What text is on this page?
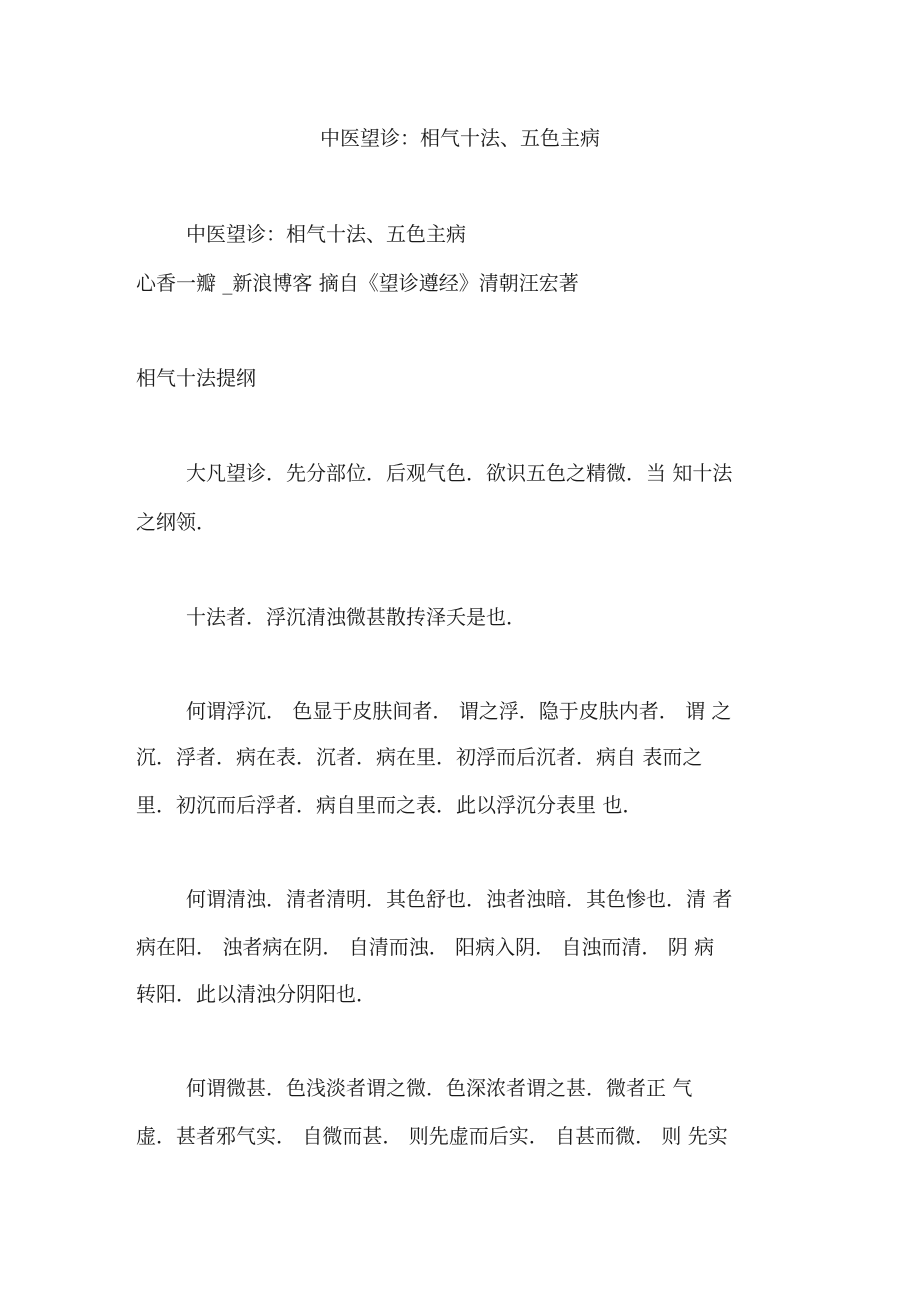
中医望诊：相气十法、五色主病
中医望诊：相气十法、五色主病
心香一瓣 _新浪博客 摘自《望诊遵经》清朝汪宏著
相气十法提纲
大凡望诊．先分部位．后观气色．欲识五色之精微．当 知十法
之纲领．
十法者．浮沉清浊微甚散抟泽夭是也．
何谓浮沉． 色显于皮肤间者． 谓之浮．隐于皮肤内者． 谓 之
沉．浮者．病在表．沉者．病在里．初浮而后沉者．病自 表而之
里．初沉而后浮者．病自里而之表．此以浮沉分表里 也．
何谓清浊．清者清明．其色舒也．浊者浊暗．其色惨也．清 者
病在阳． 浊者病在阴． 自清而浊． 阳病入阴． 自浊而清． 阴 病
转阳．此以清浊分阴阳也．
何谓微甚．色浅淡者谓之微．色深浓者谓之甚．微者正 气
虚．甚者邪气实． 自微而甚． 则先虚而后实． 自甚而微． 则 先实
